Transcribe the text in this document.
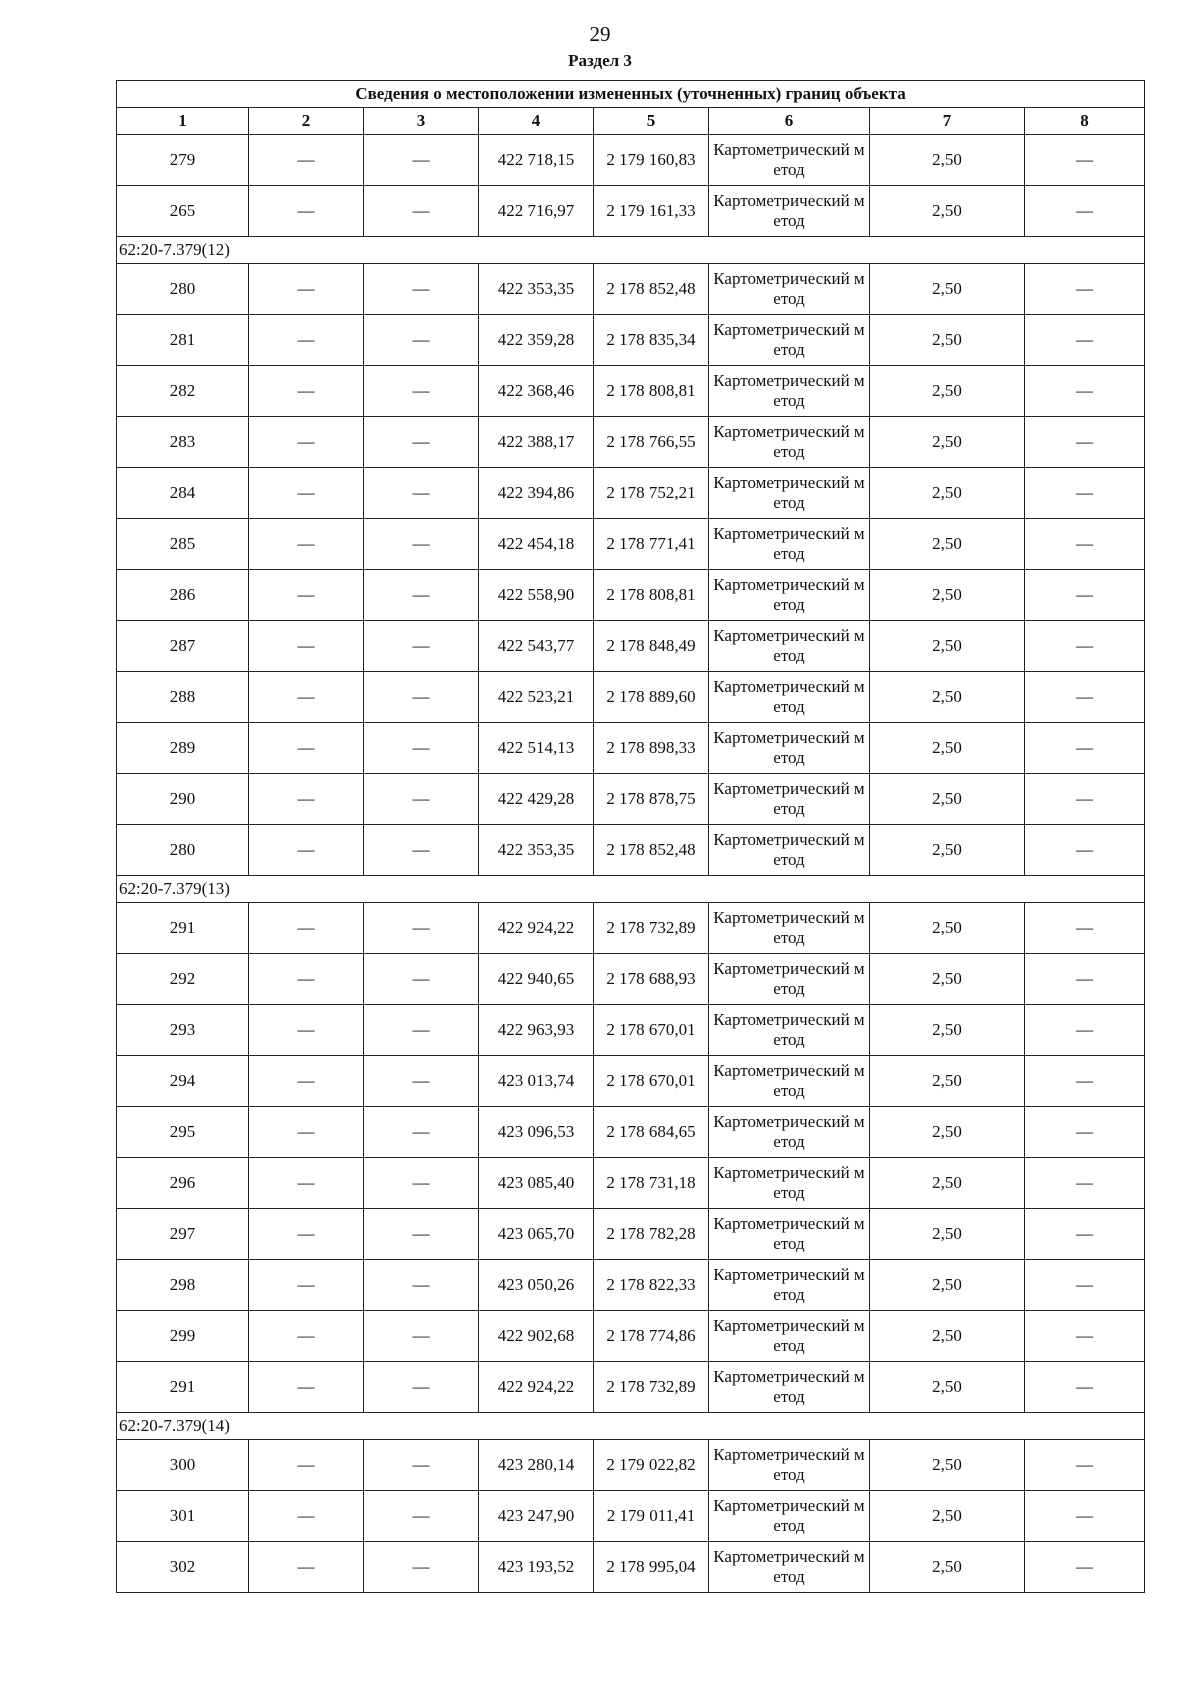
29
Раздел 3
Сведения о местоположении измененных (уточненных) границ объекта							
1	2	3	4	5	6	7	8
279	—	—	422 718,15	2 179 160,83	Картометрический метод	2,50	—
265	—	—	422 716,97	2 179 161,33	Картометрический метод	2,50	—
62:20-7.379(12)							
280	—	—	422 353,35	2 178 852,48	Картометрический метод	2,50	—
281	—	—	422 359,28	2 178 835,34	Картометрический метод	2,50	—
282	—	—	422 368,46	2 178 808,81	Картометрический метод	2,50	—
283	—	—	422 388,17	2 178 766,55	Картометрический метод	2,50	—
284	—	—	422 394,86	2 178 752,21	Картометрический метод	2,50	—
285	—	—	422 454,18	2 178 771,41	Картометрический метод	2,50	—
286	—	—	422 558,90	2 178 808,81	Картометрический метод	2,50	—
287	—	—	422 543,77	2 178 848,49	Картометрический метод	2,50	—
288	—	—	422 523,21	2 178 889,60	Картометрический метод	2,50	—
289	—	—	422 514,13	2 178 898,33	Картометрический метод	2,50	—
290	—	—	422 429,28	2 178 878,75	Картометрический метод	2,50	—
280	—	—	422 353,35	2 178 852,48	Картометрический метод	2,50	—
62:20-7.379(13)							
291	—	—	422 924,22	2 178 732,89	Картометрический метод	2,50	—
292	—	—	422 940,65	2 178 688,93	Картометрический метод	2,50	—
293	—	—	422 963,93	2 178 670,01	Картометрический метод	2,50	—
294	—	—	423 013,74	2 178 670,01	Картометрический метод	2,50	—
295	—	—	423 096,53	2 178 684,65	Картометрический метод	2,50	—
296	—	—	423 085,40	2 178 731,18	Картометрический метод	2,50	—
297	—	—	423 065,70	2 178 782,28	Картометрический метод	2,50	—
298	—	—	423 050,26	2 178 822,33	Картометрический метод	2,50	—
299	—	—	422 902,68	2 178 774,86	Картометрический метод	2,50	—
291	—	—	422 924,22	2 178 732,89	Картометрический метод	2,50	—
62:20-7.379(14)							
300	—	—	423 280,14	2 179 022,82	Картометрический метод	2,50	—
301	—	—	423 247,90	2 179 011,41	Картометрический метод	2,50	—
302	—	—	423 193,52	2 178 995,04	Картометрический метод	2,50	—
